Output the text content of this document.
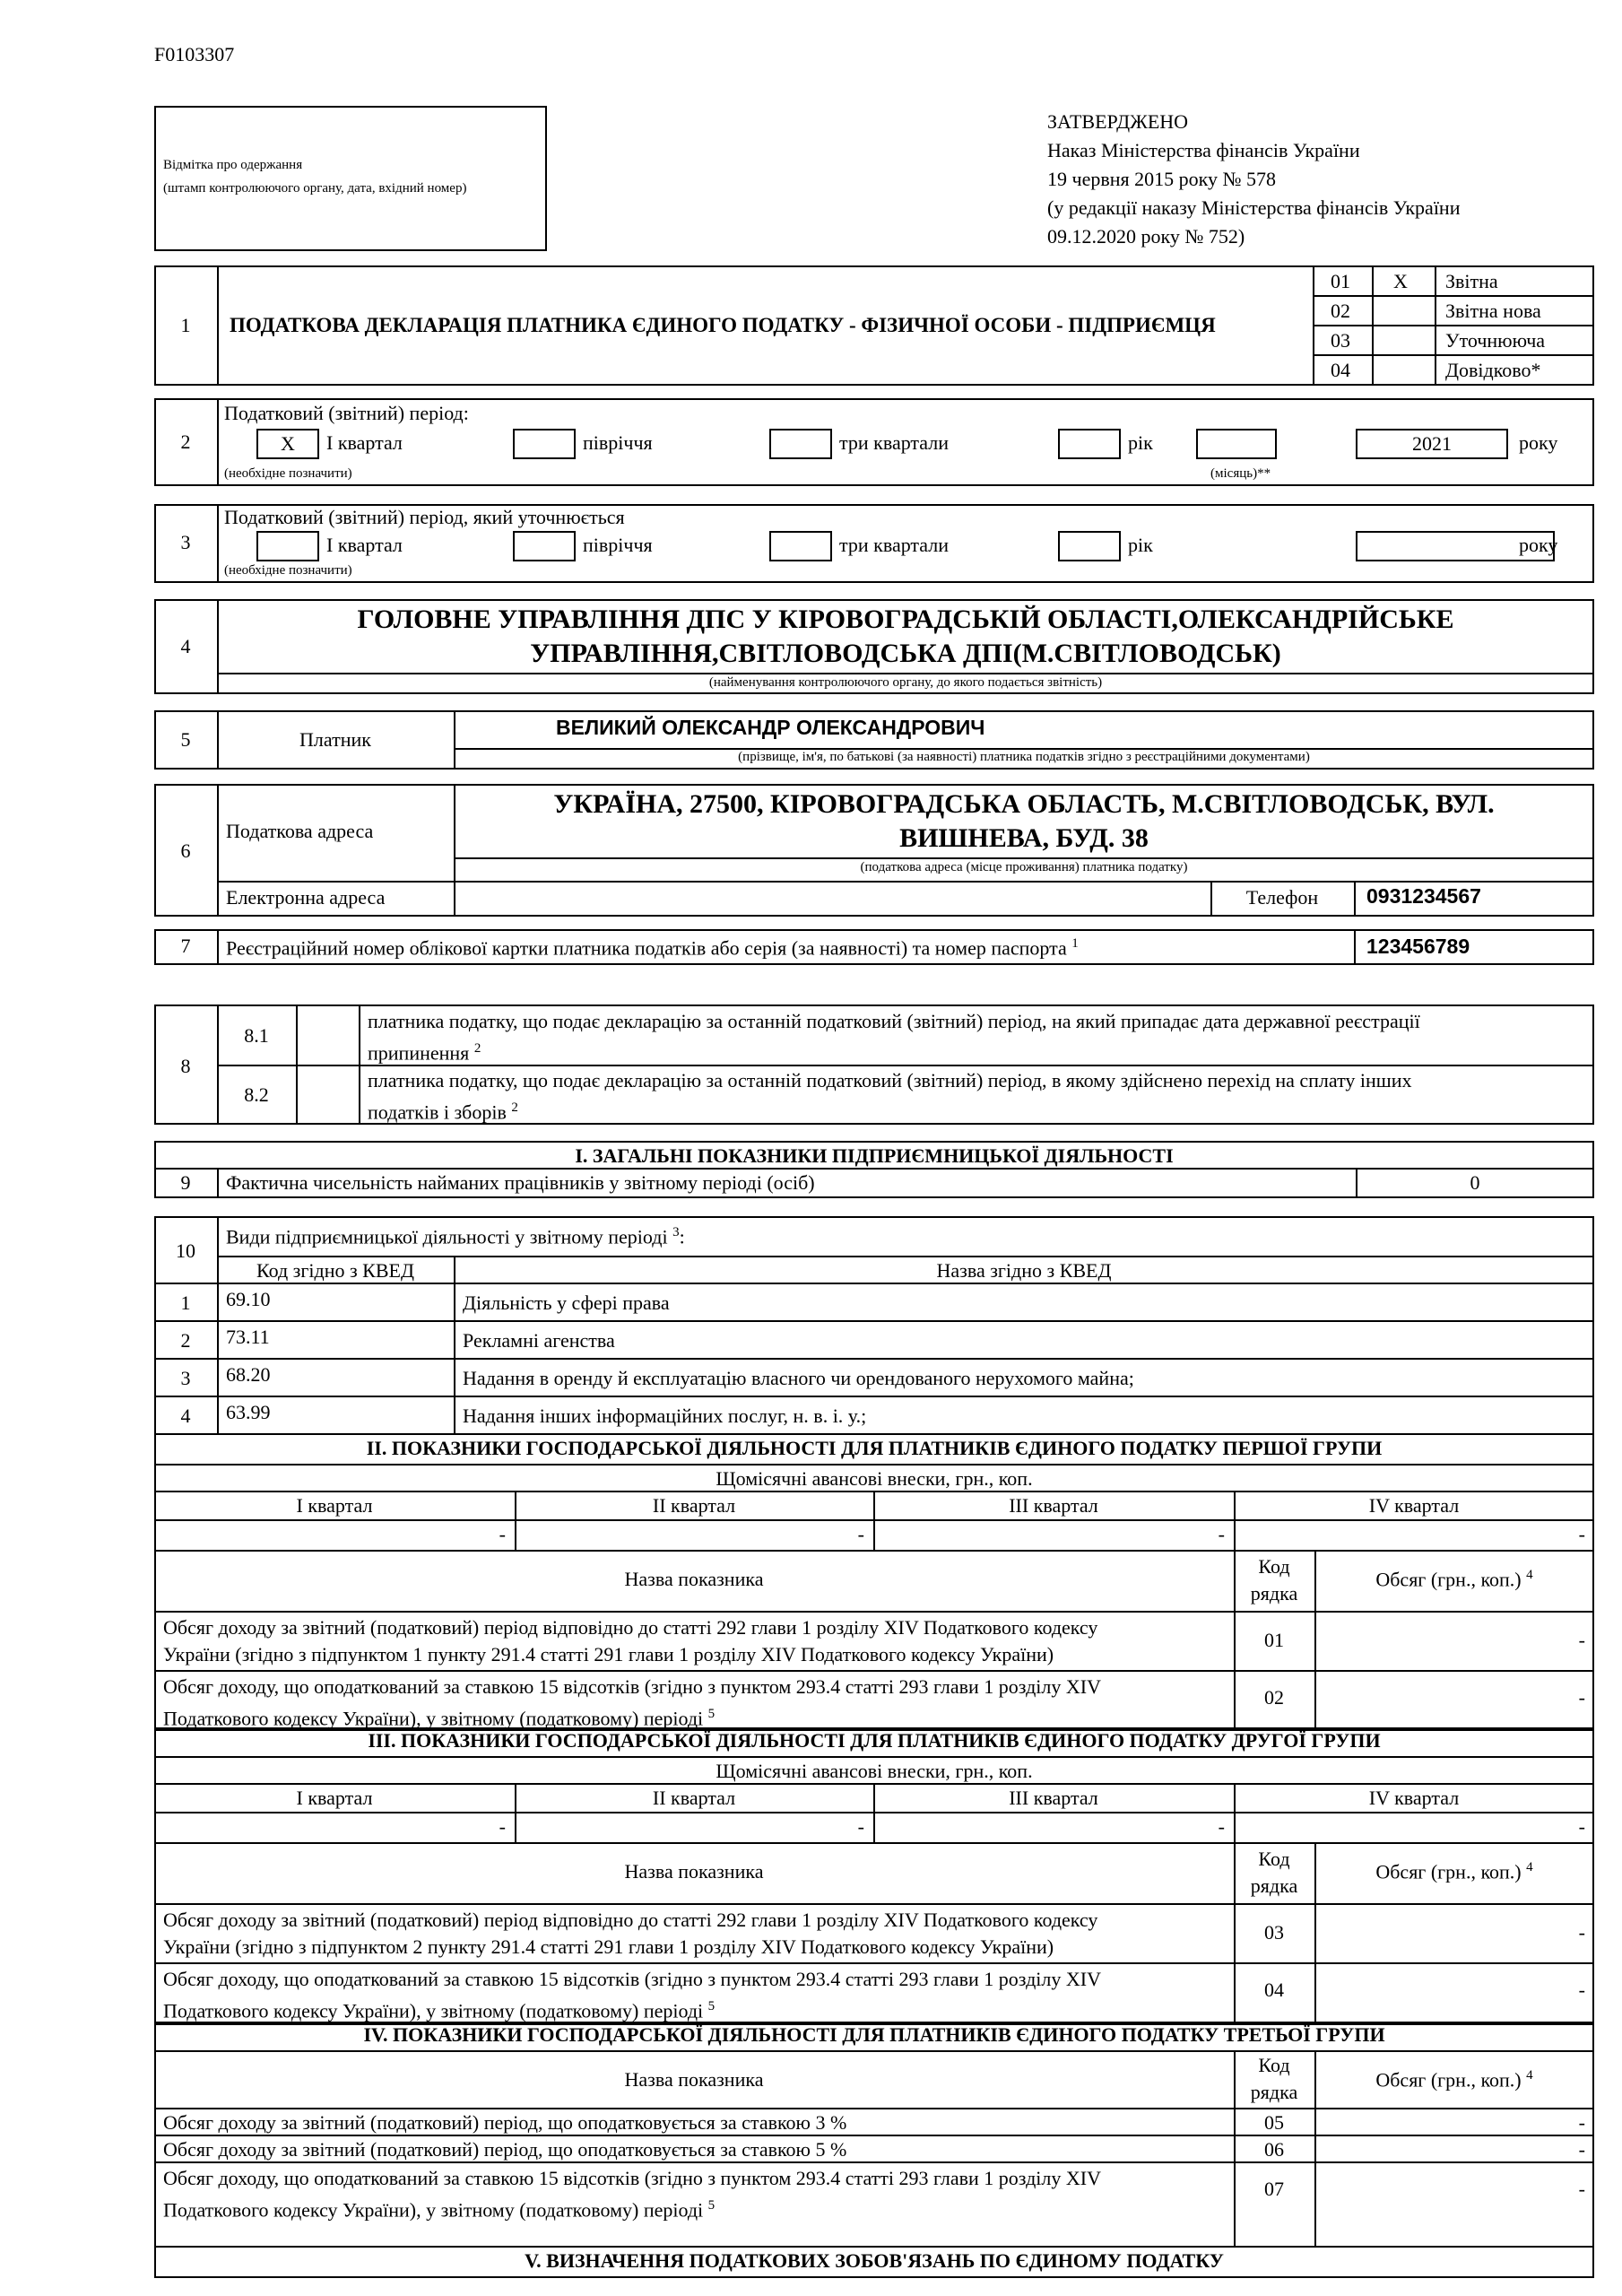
F0103307
Відмітка про одержання
(штамп контролюючого органу, дата, вхідний номер)
ЗАТВЕРДЖЕНО
Наказ Міністерства фінансів України
19 червня 2015 року № 578
(у редакції наказу Міністерства фінансів України
09.12.2020 року № 752)
1	ПОДАТКОВА ДЕКЛАРАЦІЯ ПЛАТНИКА ЄДИНОГО ПОДАТКУ - ФІЗИЧНОЇ ОСОБИ - ПІДПРИЄМЦЯ
01 X Звітна
02	Звітна нова
03	Уточнююча
04	Довідково*
2
Податковий (звітний) період:
X	І квартал	півріччя	три квартали	рік	2021	року
(необхідне позначити)	(місяць)**
3
Податковий (звітний) період, який уточнюється
І квартал	півріччя	три квартали	рік	року
(необхідне позначити)
4
ГОЛОВНЕ УПРАВЛІННЯ ДПС У КІРОВОГРАДСЬКІЙ ОБЛАСТІ,ОЛЕКСАНДРІЙСЬКЕ
УПРАВЛІННЯ,СВІТЛОВОДСЬКА ДПІ(М.СВІТЛОВОДСЬК)
(найменування контролюючого органу, до якого подається звітність)
5	Платник
ВЕЛИКИЙ ОЛЕКСАНДР ОЛЕКСАНДРОВИЧ
(прізвище, ім'я, по батькові (за наявності) платника податків згідно з реєстраційними документами)
6
Податкова адреса
УКРАЇНА, 27500, КІРОВОГРАДСЬКА ОБЛАСТЬ, М.СВІТЛОВОДСЬК, ВУЛ.
ВИШНЕВА, БУД. 38
(податкова адреса (місце проживання) платника податку)
Електронна адреса	Телефон	0931234567
7	Реєстраційний номер облікової картки платника податків або серія (за наявності) та номер паспорта $^1$	123456789
8
8.1
платника податку, що подає декларацію за останній податковий (звітний) період, на який припадає дата державної реєстрації
припинення $^2$
8.2
платника податку, що подає декларацію за останній податковий (звітний) період, в якому здійснено перехід на сплату інших
податків і зборів $^2$
І. ЗАГАЛЬНІ ПОКАЗНИКИ ПІДПРИЄМНИЦЬКОЇ ДІЯЛЬНОСТІ
9	Фактична чисельність найманих працівників у звітному періоді (осіб)	0
10
Види підприємницької діяльності у звітному періоді $^3$:
Код згідно з КВЕД	Назва згідно з КВЕД
1	69.10	Діяльність у сфері права
2	73.11	Рекламні агенства
3	68.20	Надання в оренду й експлуатацію власного чи орендованого нерухомого майна;
4	63.99	Надання інших інформаційних послуг, н. в. і. у.;
ІІ. ПОКАЗНИКИ ГОСПОДАРСЬКОЇ ДІЯЛЬНОСТІ ДЛЯ ПЛАТНИКІВ ЄДИНОГО ПОДАТКУ ПЕРШОЇ ГРУПИ
Щомісячні авансові внески, грн., коп.
І квартал	ІІ квартал	ІІІ квартал	IV квартал
-	-	-	-
Назва показника
Код
рядка
Обсяг (грн., коп.) $^4$
Обсяг доходу за звітний (податковий) період відповідно до статті 292 глави 1 розділу XIV Податкового кодексу
України (згідно з підпунктом 1 пункту 291.4 статті 291 глави 1 розділу XIV Податкового кодексу України)
01	-
Обсяг доходу, що оподаткований за ставкою 15 відсотків (згідно з пунктом 293.4 статті 293 глави 1 розділу XIV
Податкового кодексу України), у звітному (податковому) періоді $^5$
02	-
ІІІ. ПОКАЗНИКИ ГОСПОДАРСЬКОЇ ДІЯЛЬНОСТІ ДЛЯ ПЛАТНИКІВ ЄДИНОГО ПОДАТКУ ДРУГОЇ ГРУПИ
Щомісячні авансові внески, грн., коп.
І квартал	ІІ квартал	ІІІ квартал	IV квартал
-	-	-	-
Назва показника
Код
рядка
Обсяг (грн., коп.) $^4$
Обсяг доходу за звітний (податковий) період відповідно до статті 292 глави 1 розділу XIV Податкового кодексу
України (згідно з підпунктом 2 пункту 291.4 статті 291 глави 1 розділу XIV Податкового кодексу України)
03	-
Обсяг доходу, що оподаткований за ставкою 15 відсотків (згідно з пунктом 293.4 статті 293 глави 1 розділу XIV
Податкового кодексу України), у звітному (податковому) періоді $^5$
04	-
IV. ПОКАЗНИКИ ГОСПОДАРСЬКОЇ ДІЯЛЬНОСТІ ДЛЯ ПЛАТНИКІВ ЄДИНОГО ПОДАТКУ ТРЕТЬОЇ ГРУПИ
Назва показника
Код
рядка
Обсяг (грн., коп.) $^4$
Обсяг доходу за звітний (податковий) період, що оподатковується за ставкою 3 %	05	-
Обсяг доходу за звітний (податковий) період, що оподатковується за ставкою 5 %	06	-
Обсяг доходу, що оподаткований за ставкою 15 відсотків (згідно з пунктом 293.4 статті 293 глави 1 розділу XIV
Податкового кодексу України), у звітному (податковому) періоді $^5$
07	-
V. ВИЗНАЧЕННЯ ПОДАТКОВИХ ЗОБОВ'ЯЗАНЬ ПО ЄДИНОМУ ПОДАТКУ
